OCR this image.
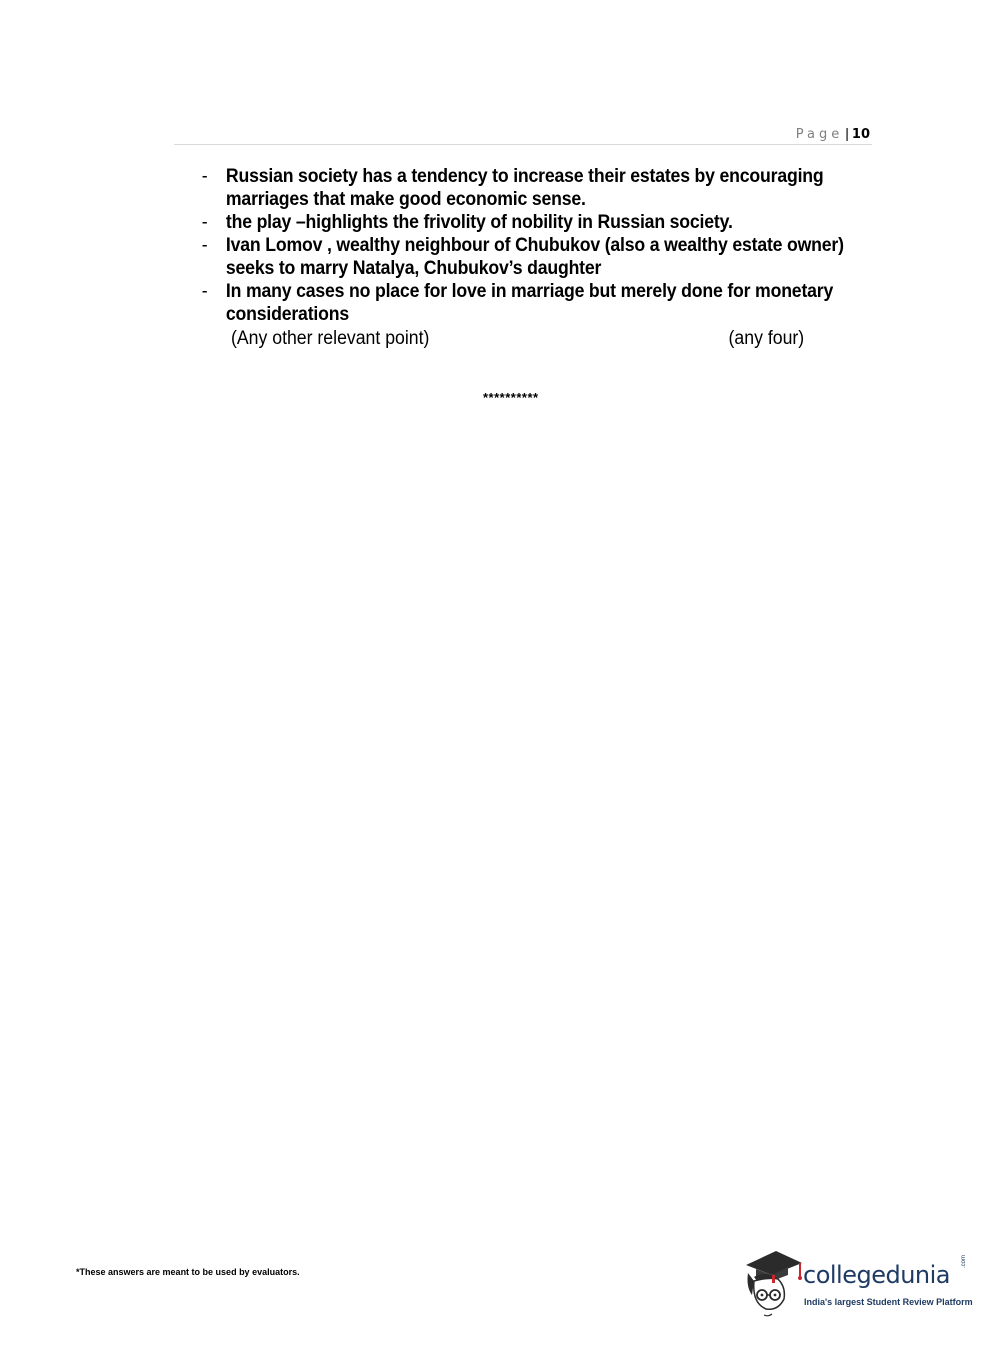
Page | 10
- Russian society has a tendency to increase their estates by encouraging marriages that make good economic sense.
- the play –highlights the frivolity of nobility in Russian society.
- Ivan Lomov , wealthy neighbour of Chubukov (also a wealthy estate owner) seeks to marry Natalya, Chubukov’s daughter
- In many cases no place for love in marriage but merely done for monetary considerations
(Any other relevant point)	(any four)
**********
*These answers are meant to be used by evaluators.	collegedunia .com
India's largest Student Review Platform
